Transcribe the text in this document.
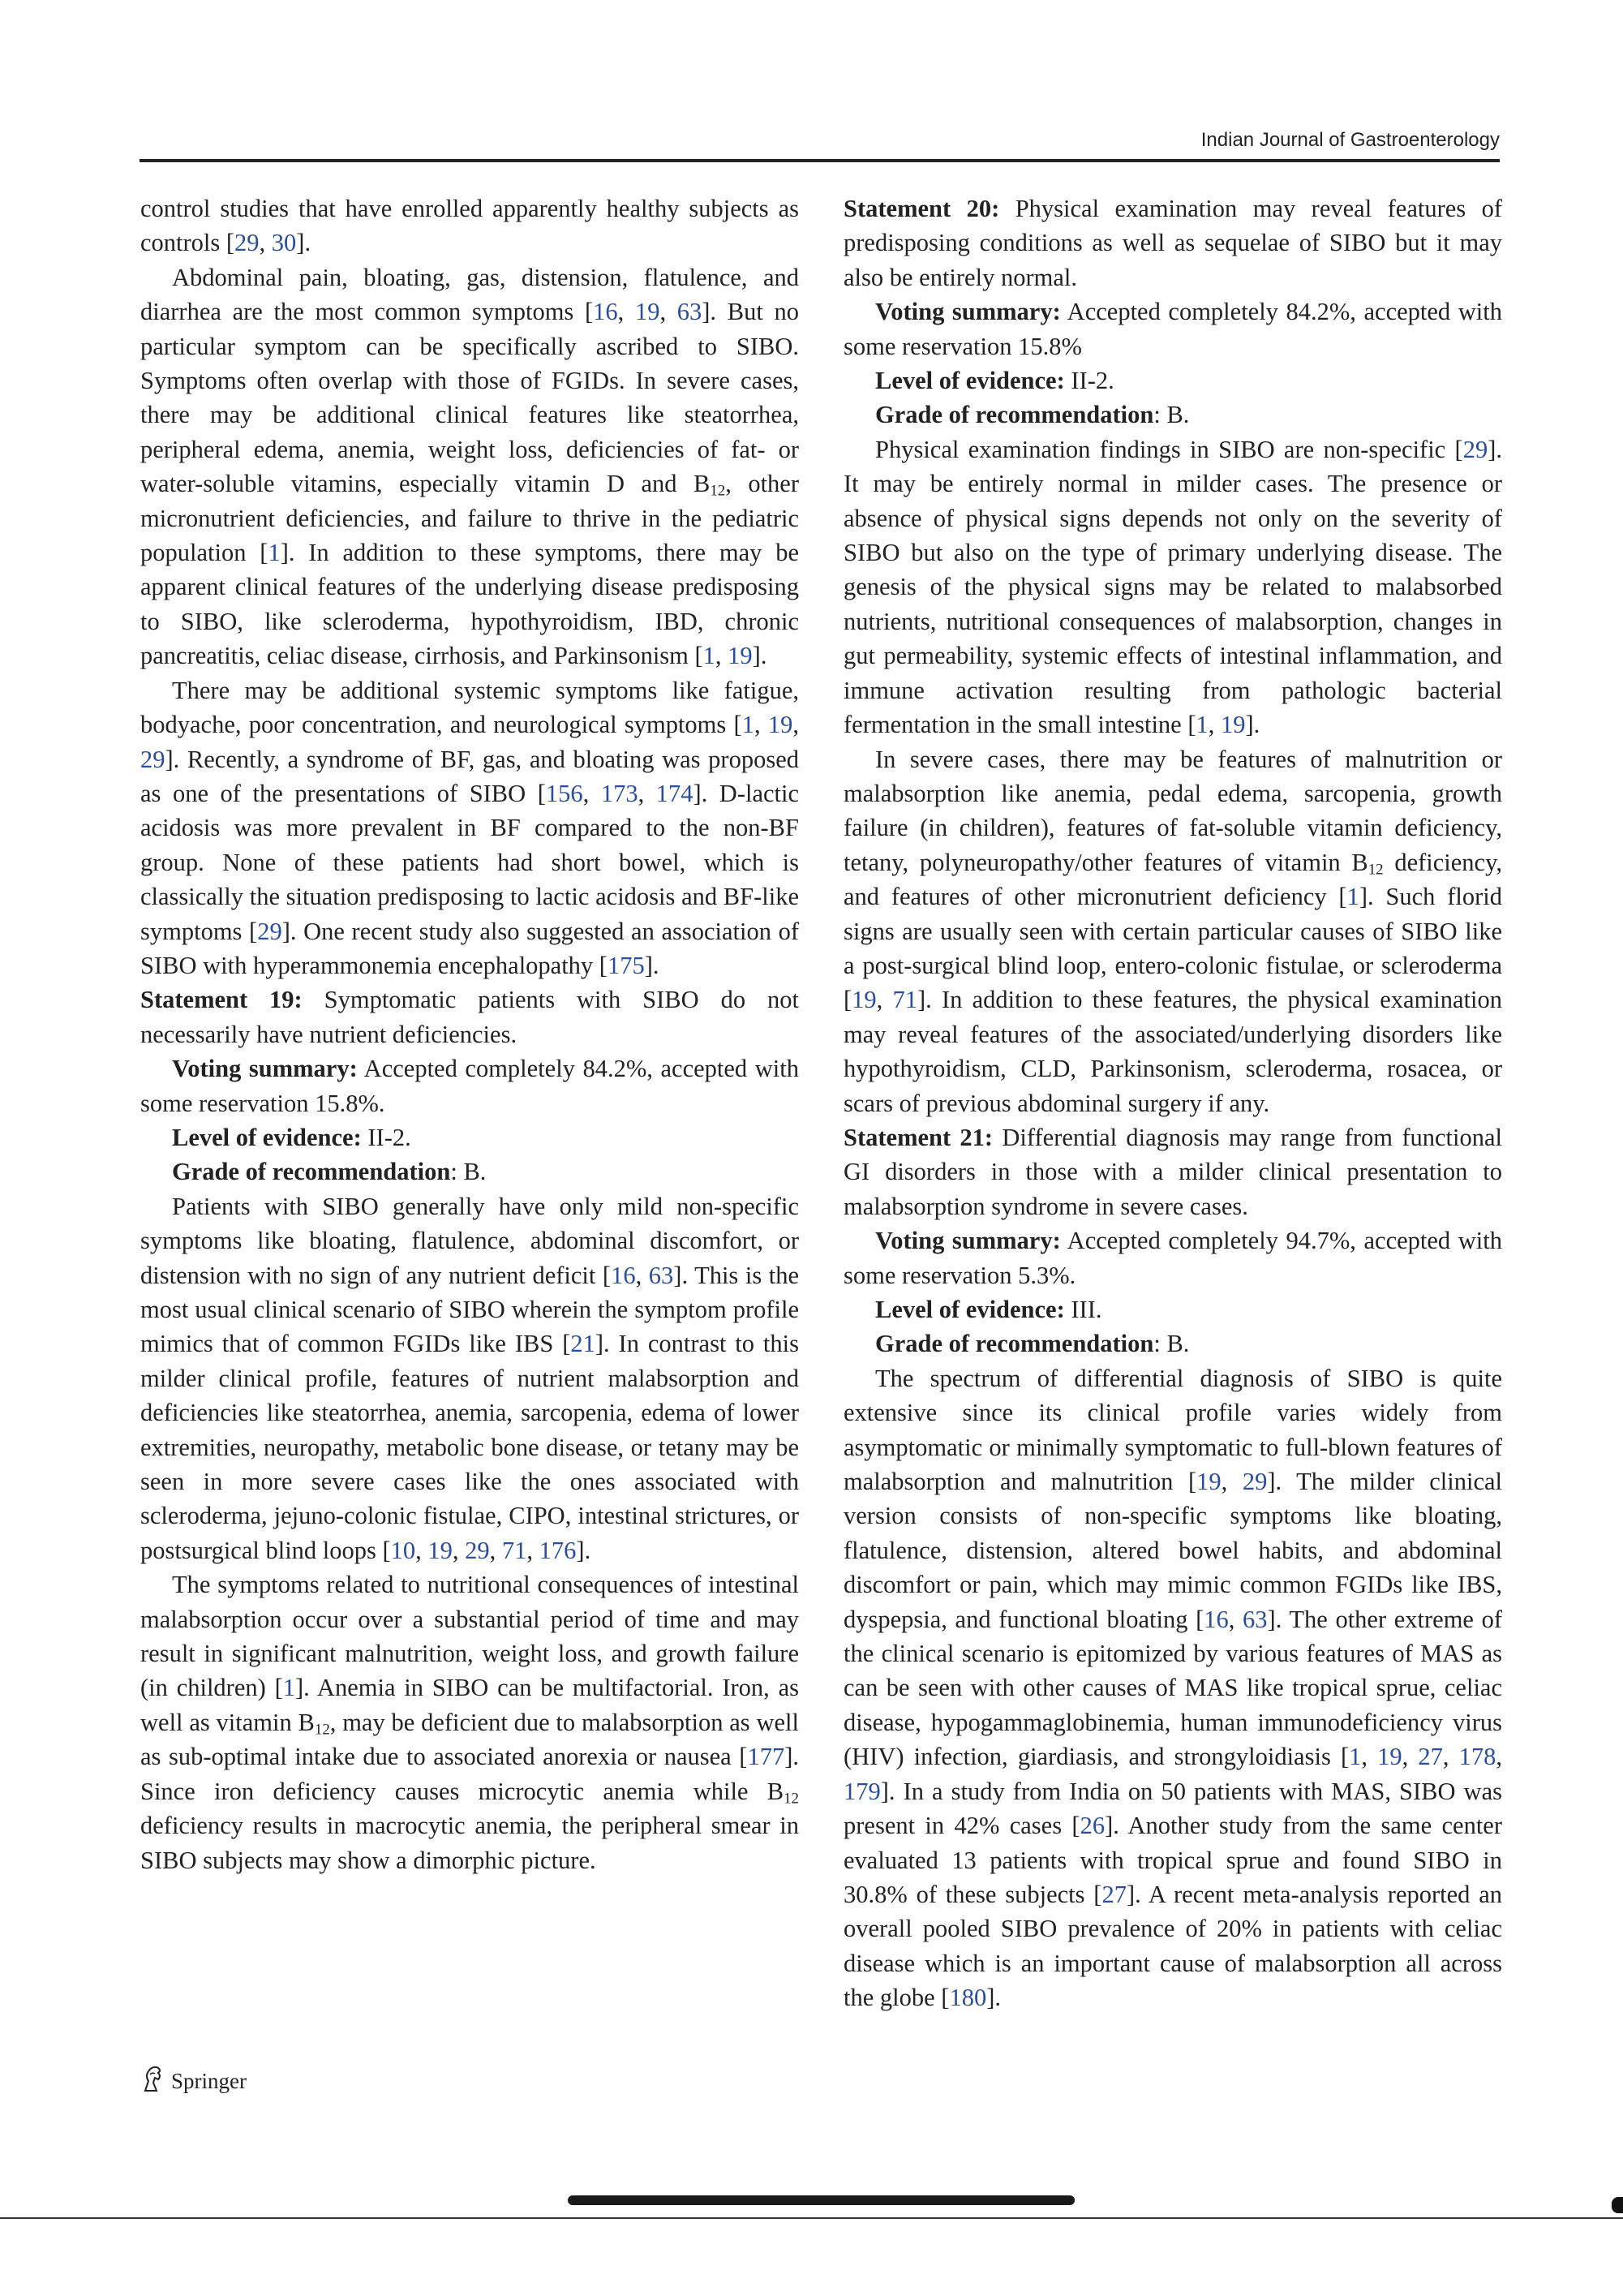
Indian Journal of Gastroenterology

control studies that have enrolled apparently healthy subjects as controls [29, 30].

Abdominal pain, bloating, gas, distension, flatulence, and diarrhea are the most common symptoms [16, 19, 63]. But no particular symptom can be specifically ascribed to SIBO. Symptoms often overlap with those of FGIDs. In severe cases, there may be additional clinical features like steatorrhea, peripheral edema, anemia, weight loss, deficiencies of fat- or water-soluble vitamins, especially vitamin D and $B_{12}$, other micronutrient deficiencies, and failure to thrive in the pediatric population [1]. In addition to these symptoms, there may be apparent clinical features of the underlying disease predisposing to SIBO, like scleroderma, hypothyroidism, IBD, chronic pancreatitis, celiac disease, cirrhosis, and Parkinsonism [1, 19].

There may be additional systemic symptoms like fatigue, bodyache, poor concentration, and neurological symptoms [1, 19, 29]. Recently, a syndrome of BF, gas, and bloating was proposed as one of the presentations of SIBO [156, 173, 174]. D-lactic acidosis was more prevalent in BF compared to the non-BF group. None of these patients had short bowel, which is classically the situation predisposing to lactic acidosis and BF-like symptoms [29]. One recent study also suggested an association of SIBO with hyperammonemia encephalopathy [175].

Statement 19: Symptomatic patients with SIBO do not necessarily have nutrient deficiencies.

Voting summary: Accepted completely 84.2%, accepted with some reservation 15.8%.

Level of evidence: II-2.

Grade of recommendation: B.

Patients with SIBO generally have only mild non-specific symptoms like bloating, flatulence, abdominal discomfort, or distension with no sign of any nutrient deficit [16, 63]. This is the most usual clinical scenario of SIBO wherein the symptom profile mimics that of common FGIDs like IBS [21]. In contrast to this milder clinical profile, features of nutrient malabsorption and deficiencies like steatorrhea, anemia, sarcopenia, edema of lower extremities, neuropathy, metabolic bone disease, or tetany may be seen in more severe cases like the ones associated with scleroderma, jejuno-colonic fistulae, CIPO, intestinal strictures, or postsurgical blind loops [10, 19, 29, 71, 176].

The symptoms related to nutritional consequences of intestinal malabsorption occur over a substantial period of time and may result in significant malnutrition, weight loss, and growth failure (in children) [1]. Anemia in SIBO can be multifactorial. Iron, as well as vitamin $B_{12}$, may be deficient due to malabsorption as well as sub-optimal intake due to associated anorexia or nausea [177]. Since iron deficiency causes microcytic anemia while $B_{12}$ deficiency results in macrocytic anemia, the peripheral smear in SIBO subjects may show a dimorphic picture.

Statement 20: Physical examination may reveal features of predisposing conditions as well as sequelae of SIBO but it may also be entirely normal.

Voting summary: Accepted completely 84.2%, accepted with some reservation 15.8%

Level of evidence: II-2.

Grade of recommendation: B.

Physical examination findings in SIBO are non-specific [29]. It may be entirely normal in milder cases. The presence or absence of physical signs depends not only on the severity of SIBO but also on the type of primary underlying disease. The genesis of the physical signs may be related to malabsorbed nutrients, nutritional consequences of malabsorption, changes in gut permeability, systemic effects of intestinal inflammation, and immune activation resulting from pathologic bacterial fermentation in the small intestine [1, 19].

In severe cases, there may be features of malnutrition or malabsorption like anemia, pedal edema, sarcopenia, growth failure (in children), features of fat-soluble vitamin deficiency, tetany, polyneuropathy/other features of vitamin $B_{12}$ deficiency, and features of other micronutrient deficiency [1]. Such florid signs are usually seen with certain particular causes of SIBO like a post-surgical blind loop, entero-colonic fistulae, or scleroderma [19, 71]. In addition to these features, the physical examination may reveal features of the associated/underlying disorders like hypothyroidism, CLD, Parkinsonism, scleroderma, rosacea, or scars of previous abdominal surgery if any.

Statement 21: Differential diagnosis may range from functional GI disorders in those with a milder clinical presentation to malabsorption syndrome in severe cases.

Voting summary: Accepted completely 94.7%, accepted with some reservation 5.3%.

Level of evidence: III.

Grade of recommendation: B.

The spectrum of differential diagnosis of SIBO is quite extensive since its clinical profile varies widely from asymptomatic or minimally symptomatic to full-blown features of malabsorption and malnutrition [19, 29]. The milder clinical version consists of non-specific symptoms like bloating, flatulence, distension, altered bowel habits, and abdominal discomfort or pain, which may mimic common FGIDs like IBS, dyspepsia, and functional bloating [16, 63]. The other extreme of the clinical scenario is epitomized by various features of MAS as can be seen with other causes of MAS like tropical sprue, celiac disease, hypogammaglobinemia, human immunodeficiency virus (HIV) infection, giardiasis, and strongyloidiasis [1, 19, 27, 178, 179]. In a study from India on 50 patients with MAS, SIBO was present in 42% cases [26]. Another study from the same center evaluated 13 patients with tropical sprue and found SIBO in 30.8% of these subjects [27]. A recent meta-analysis reported an overall pooled SIBO prevalence of 20% in patients with celiac disease which is an important cause of malabsorption all across the globe [180].

Springer
